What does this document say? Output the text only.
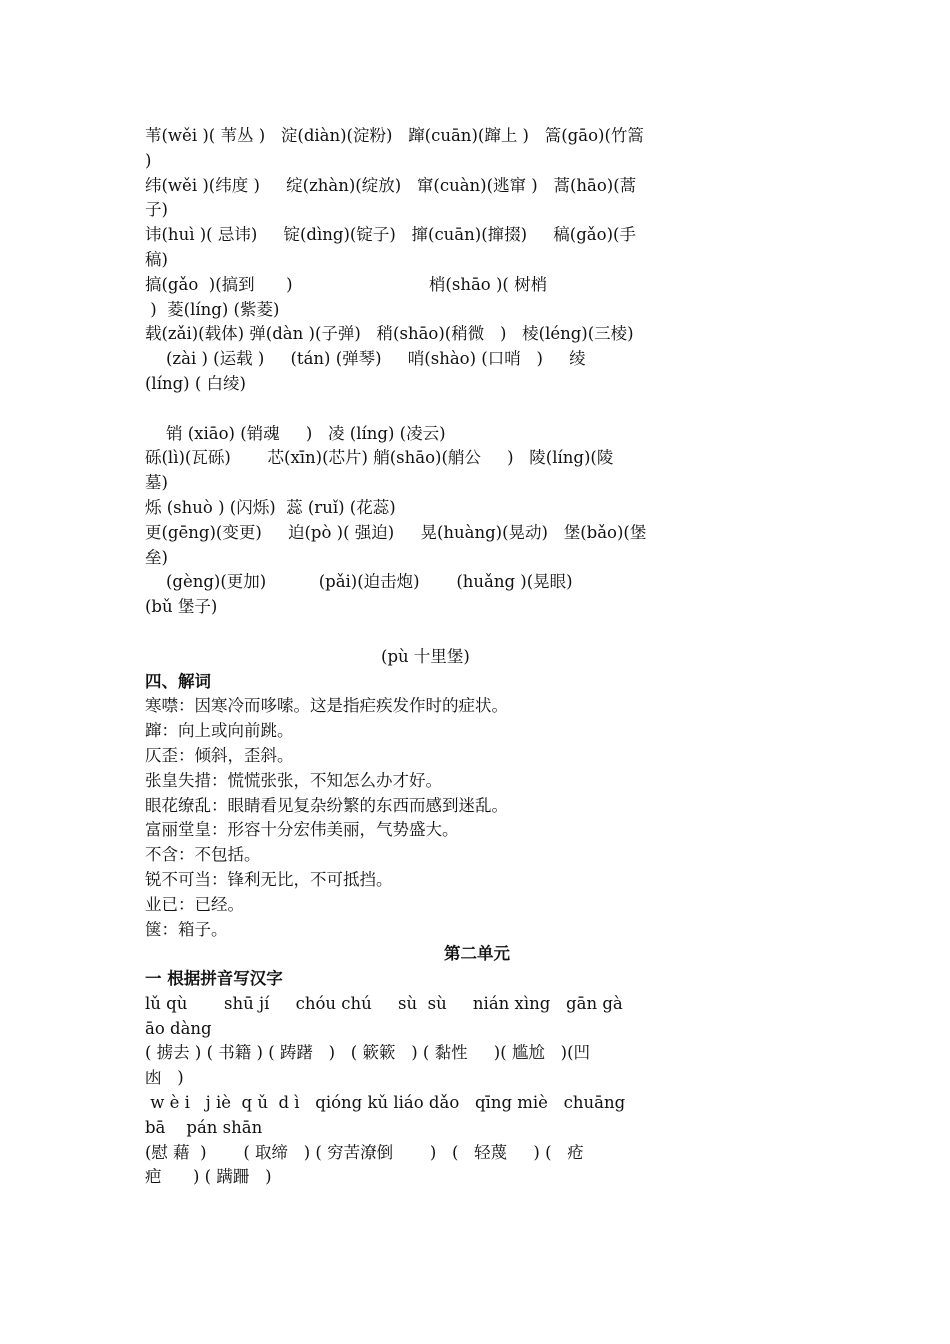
苇(wěi )( 苇丛 )   淀(diàn)(淀粉)   蹿(cuān)(蹿上 )   篙(gāo)(竹篙
)
纬(wěi )(纬度 )     绽(zhàn)(绽放)   窜(cuàn)(逃窜 )   蒿(hāo)(蒿
子)
讳(huì )( 忌讳)     锭(dìng)(锭子)   撺(cuān)(撺掇)     稿(gǎo)(手
稿)
搞(gǎo  )(搞到      )                          梢(shāo )( 树梢
)  菱(líng) (紫菱)
载(zǎi)(载体) 弹(dàn )(子弹)   稍(shāo)(稍微   )   棱(léng)(三棱)
(zài ) (运载 )     (tán) (弹琴)     哨(shào) (口哨   )     绫
(líng) ( 白绫)
销 (xiāo) (销魂     )   凌 (líng) (凌云)
砾(lì)(瓦砾)       芯(xīn)(芯片) 艄(shāo)(艄公     )   陵(líng)(陵
墓)
烁 (shuò ) (闪烁)  蕊 (ruǐ) (花蕊)
更(gēng)(变更)     迫(pò )( 强迫)     晃(huàng)(晃动)   堡(bǎo)(堡
垒)
(gèng)(更加)          (pǎi)(迫击炮)       (huǎng )(晃眼)
(bǔ 堡子)
(pù 十里堡)
四、解词
寒噤：因寒冷而哆嗦。这是指疟疾发作时的症状。
蹿：向上或向前跳。
仄歪：倾斜，歪斜。
张皇失措：慌慌张张，不知怎么办才好。
眼花缭乱：眼睛看见复杂纷繁的东西而感到迷乱。
富丽堂皇：形容十分宏伟美丽，气势盛大。
不含：不包括。
锐不可当：锋利无比，不可抵挡。
业已：已经。
箧：箱子。
第二单元
一 根据拼音写汉字
lǔ qù       shū jí     chóu chú     sù  sù     nián xìng   gān gà
āo dàng
( 掳去 ) ( 书籍 ) ( 踌躇   )   ( 簌簌   ) ( 黏性     )( 尴尬   )(凹
凼   )
w è i   j iè  q ǔ  d ì   qióng kǔ liáo dǎo   qīng miè   chuāng
bā    pán shān
(慰 藉  )       ( 取缔   ) ( 穷苦潦倒       )   (   轻蔑     ) (   疮
疤      ) ( 蹒跚   )
